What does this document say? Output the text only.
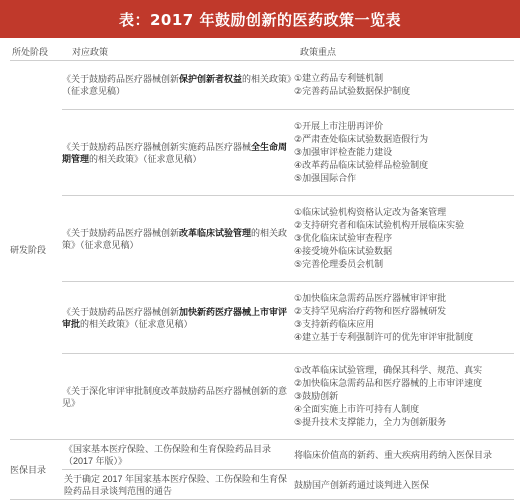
表：2017 年鼓励创新的医药政策一览表
所处阶段	对应政策	政策重点
研发阶段	《关于鼓励药品医疗器械创新保护创新者权益的相关政策》（征求意见稿）	①建立药品专利链机制
②完善药品试验数据保护制度

	《关于鼓励药品医疗器械创新实施药品医疗器械全生命周期管理的相关政策》（征求意见稿）	①开展上市注册再评价
②严肃查处临床试验数据造假行为
③加强审评检查能力建设
④改革药品临床试验样品检验制度
⑤加强国际合作

	《关于鼓励药品医疗器械创新改革临床试验管理的相关政策》（征求意见稿）	①临床试验机构资格认定改为备案管理
②支持研究者和临床试验机构开展临床实验
③优化临床试验审查程序
④接受境外临床试验数据
⑤完善伦理委员会机制

	《关于鼓励药品医疗器械创新加快新药医疗器械上市审评审批的相关政策》（征求意见稿）	①加快临床急需药品医疗器械审评审批
②支持罕见病治疗药物和医疗器械研发
③支持新药临床应用
④建立基于专利强制许可的优先审评审批制度

	《关于深化审评审批制度改革鼓励药品医疗器械创新的意见》	①改革临床试验管理，确保其科学、规范、真实
②加快临床急需药品和医疗器械的上市审评速度
③鼓励创新
④全面实施上市许可持有人制度
⑤提升技术支撑能力，全力为创新服务

医保目录	《国家基本医疗保险、工伤保险和生育保险药品目录（2017 年版）》	将临床价值高的新药、重大疾病用药纳入医保目录
	关于确定 2017 年国家基本医疗保险、工伤保险和生育保险药品目录谈判范围的通告	鼓励国产创新药通过谈判进入医保
